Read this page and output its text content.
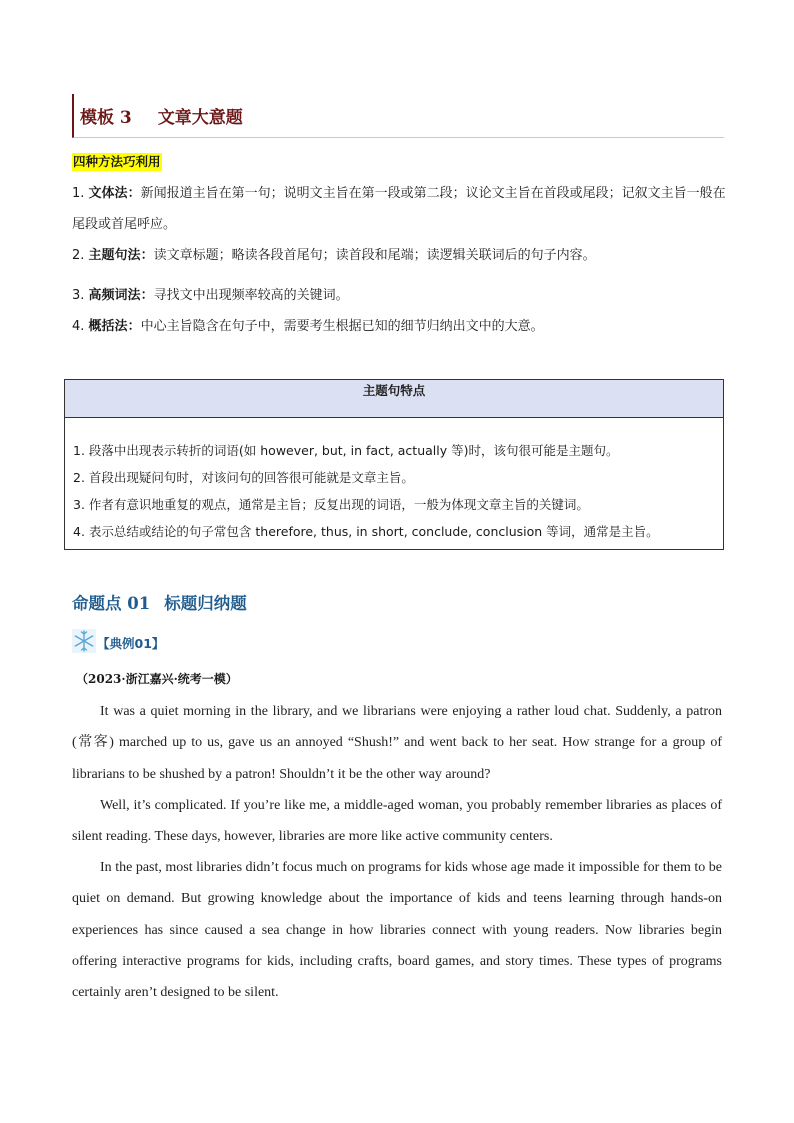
模板 3 文章大意题
四种方法巧利用
1. 文体法：新闻报道主旨在第一句；说明文主旨在第一段或第二段；议论文主旨在首段或尾段；记叙文主旨一般在尾段或首尾呼应。
2. 主题句法：读文章标题；略读各段首尾句；读首段和尾端；读逻辑关联词后的句子内容。
3. 高频词法：寻找文中出现频率较高的关键词。
4. 概括法：中心主旨隐含在句子中，需要考生根据已知的细节归纳出文中的大意。
主题句特点
1. 段落中出现表示转折的词语(如 however, but, in fact, actually 等)时，该句很可能是主题句。
2. 首段出现疑问句时，对该问句的回答很可能就是文章主旨。
3. 作者有意识地重复的观点，通常是主旨；反复出现的词语，一般为体现文章主旨的关键词。
4. 表示总结或结论的句子常包含 therefore, thus, in short, conclude, conclusion 等词，通常是主旨。
命题点 01 标题归纳题
【典例01】
（2023·浙江嘉兴·统考一模）
It was a quiet morning in the library, and we librarians were enjoying a rather loud chat. Suddenly, a patron (常客) marched up to us, gave us an annoyed “Shush!” and went back to her seat. How strange for a group of librarians to be shushed by a patron! Shouldn’t it be the other way around?
Well, it’s complicated. If you’re like me, a middle-aged woman, you probably remember libraries as places of silent reading. These days, however, libraries are more like active community centers.
In the past, most libraries didn’t focus much on programs for kids whose age made it impossible for them to be quiet on demand. But growing knowledge about the importance of kids and teens learning through hands-on experiences has since caused a sea change in how libraries connect with young readers. Now libraries begin offering interactive programs for kids, including crafts, board games, and story times. These types of programs certainly aren’t designed to be silent.
